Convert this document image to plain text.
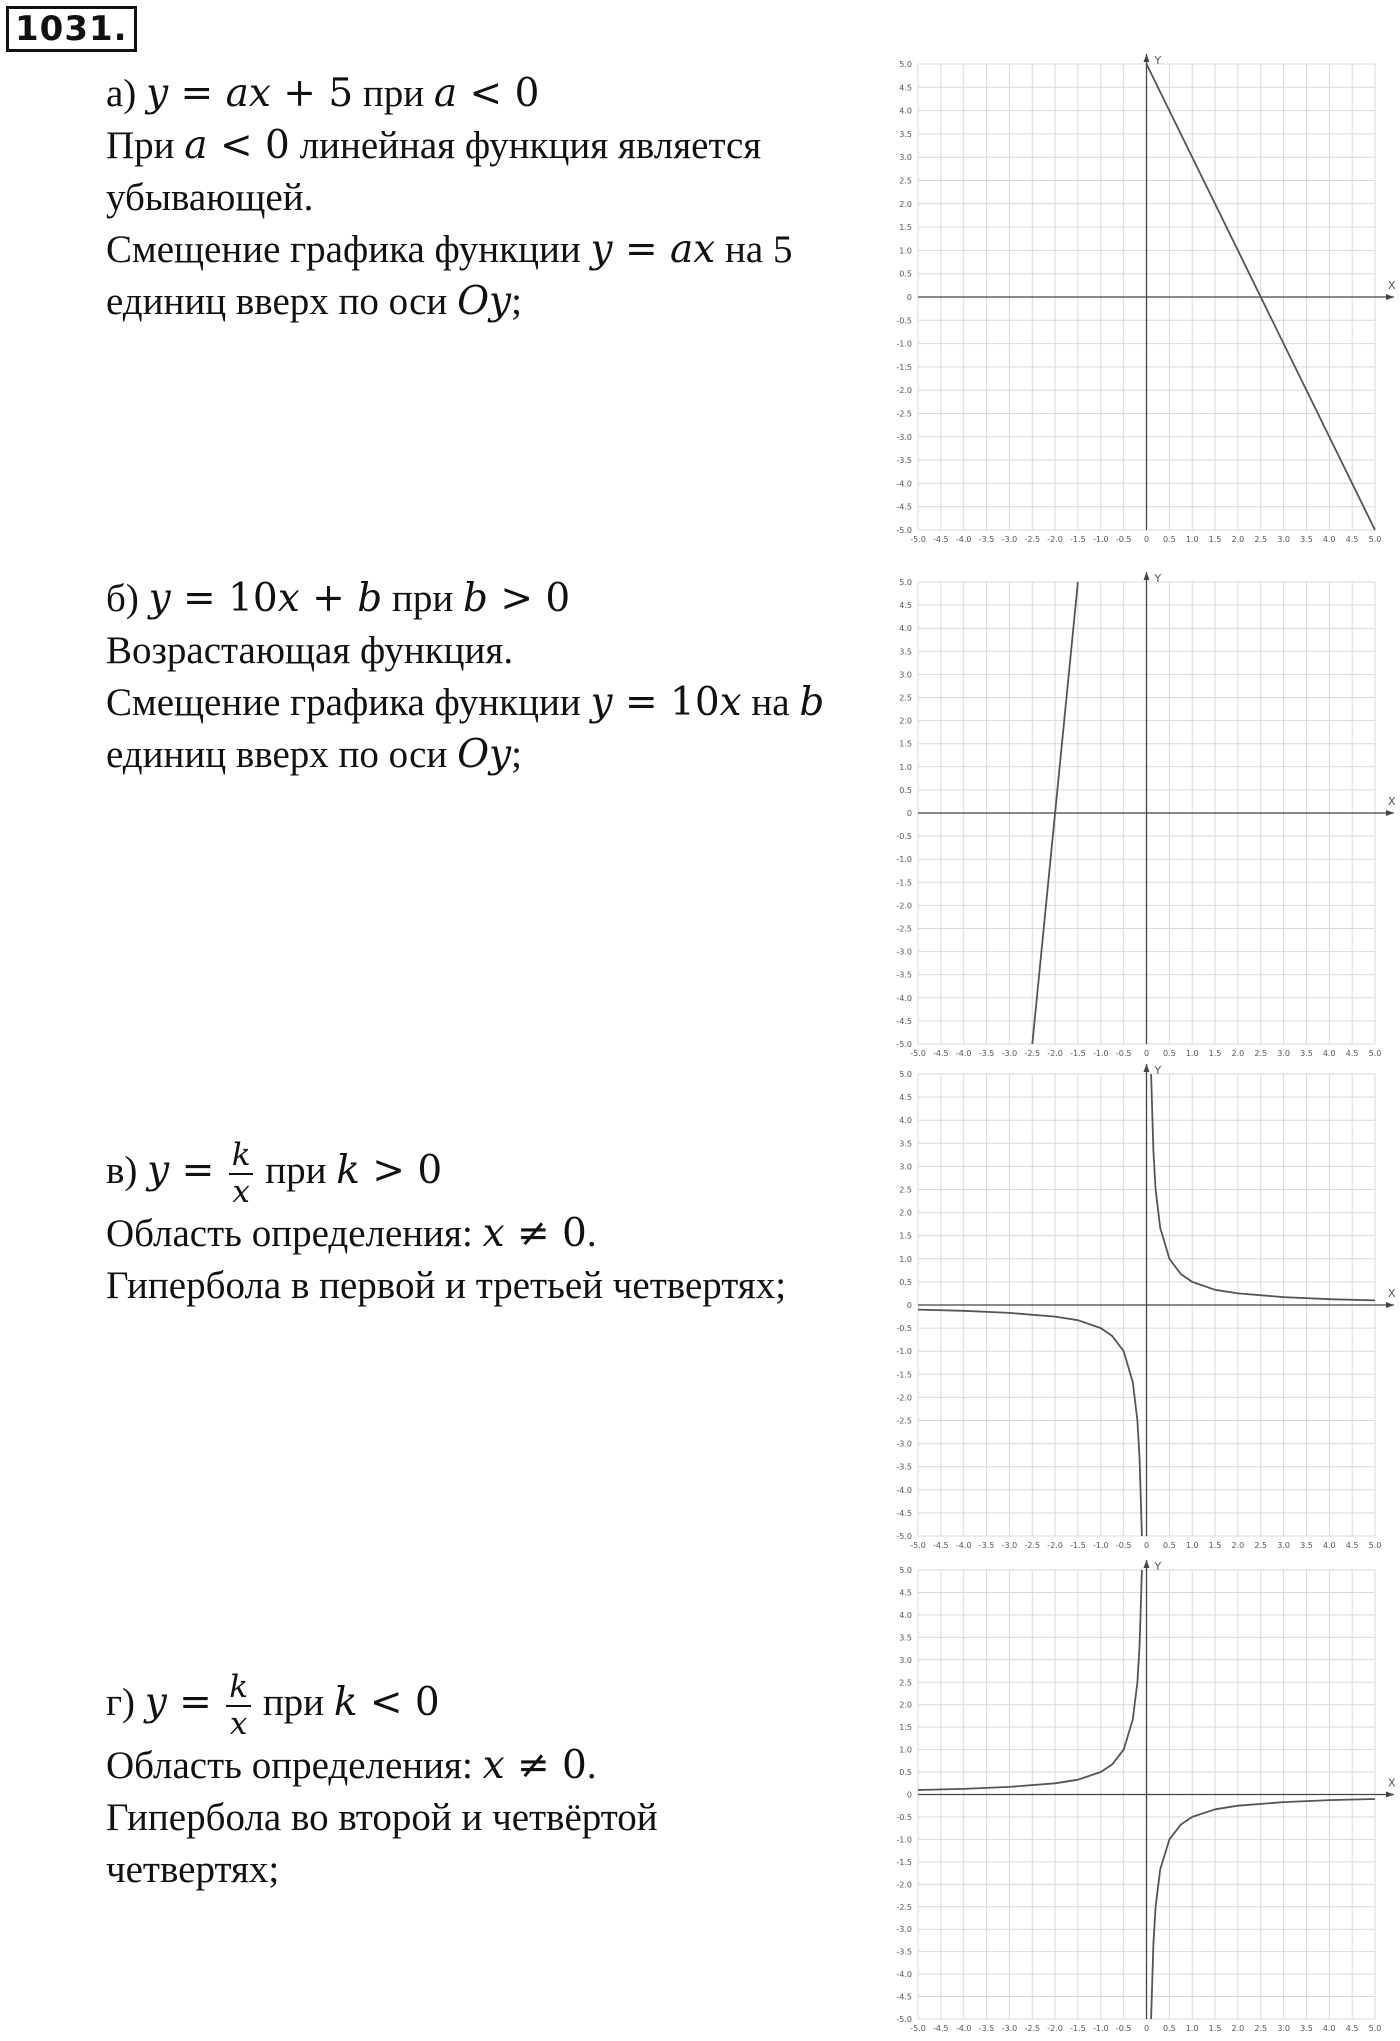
1031.
а) y = ax + 5 при a < 0
При a < 0 линейная функция является
убывающей.
Смещение графика функции y = ax на 5
единиц вверх по оси Oy;
б) y = 10x + b при b > 0
Возрастающая функция.
Смещение графика функции y = 10x на b
единиц вверх по оси Oy;
в) $y = \frac{k}{x}$ при k > 0
Область определения: x ≠ 0.
Гипербола в первой и третьей четвертях;
г) $y = \frac{k}{x}$ при k < 0
Область определения: x ≠ 0.
Гипербола во второй и четвёртой
четвертях;
X
Y
-5.0
-5.0
-4.5
-4.5
-4.0
-4.0
-3.5
-3.5
-3.0
-3.0
-2.5
-2.5
-2.0
-2.0
-1.5
-1.5
-1.0
-1.0
-0.5
-0.5
0
0
0.5
0.5
1.0
1.0
1.5
1.5
2.0
2.0
2.5
2.5
3.0
3.0
3.5
3.5
4.0
4.0
4.5
4.5
5.0
5.0
X
Y
-5.0
-5.0
-4.5
-4.5
-4.0
-4.0
-3.5
-3.5
-3.0
-3.0
-2.5
-2.5
-2.0
-2.0
-1.5
-1.5
-1.0
-1.0
-0.5
-0.5
0
0
0.5
0.5
1.0
1.0
1.5
1.5
2.0
2.0
2.5
2.5
3.0
3.0
3.5
3.5
4.0
4.0
4.5
4.5
5.0
5.0
X
Y
-5.0
-5.0
-4.5
-4.5
-4.0
-4.0
-3.5
-3.5
-3.0
-3.0
-2.5
-2.5
-2.0
-2.0
-1.5
-1.5
-1.0
-1.0
-0.5
-0.5
0
0
0.5
0.5
1.0
1.0
1.5
1.5
2.0
2.0
2.5
2.5
3.0
3.0
3.5
3.5
4.0
4.0
4.5
4.5
5.0
5.0
X
Y
-5.0
-5.0
-4.5
-4.5
-4.0
-4.0
-3.5
-3.5
-3.0
-3.0
-2.5
-2.5
-2.0
-2.0
-1.5
-1.5
-1.0
-1.0
-0.5
-0.5
0
0
0.5
0.5
1.0
1.0
1.5
1.5
2.0
2.0
2.5
2.5
3.0
3.0
3.5
3.5
4.0
4.0
4.5
4.5
5.0
5.0
